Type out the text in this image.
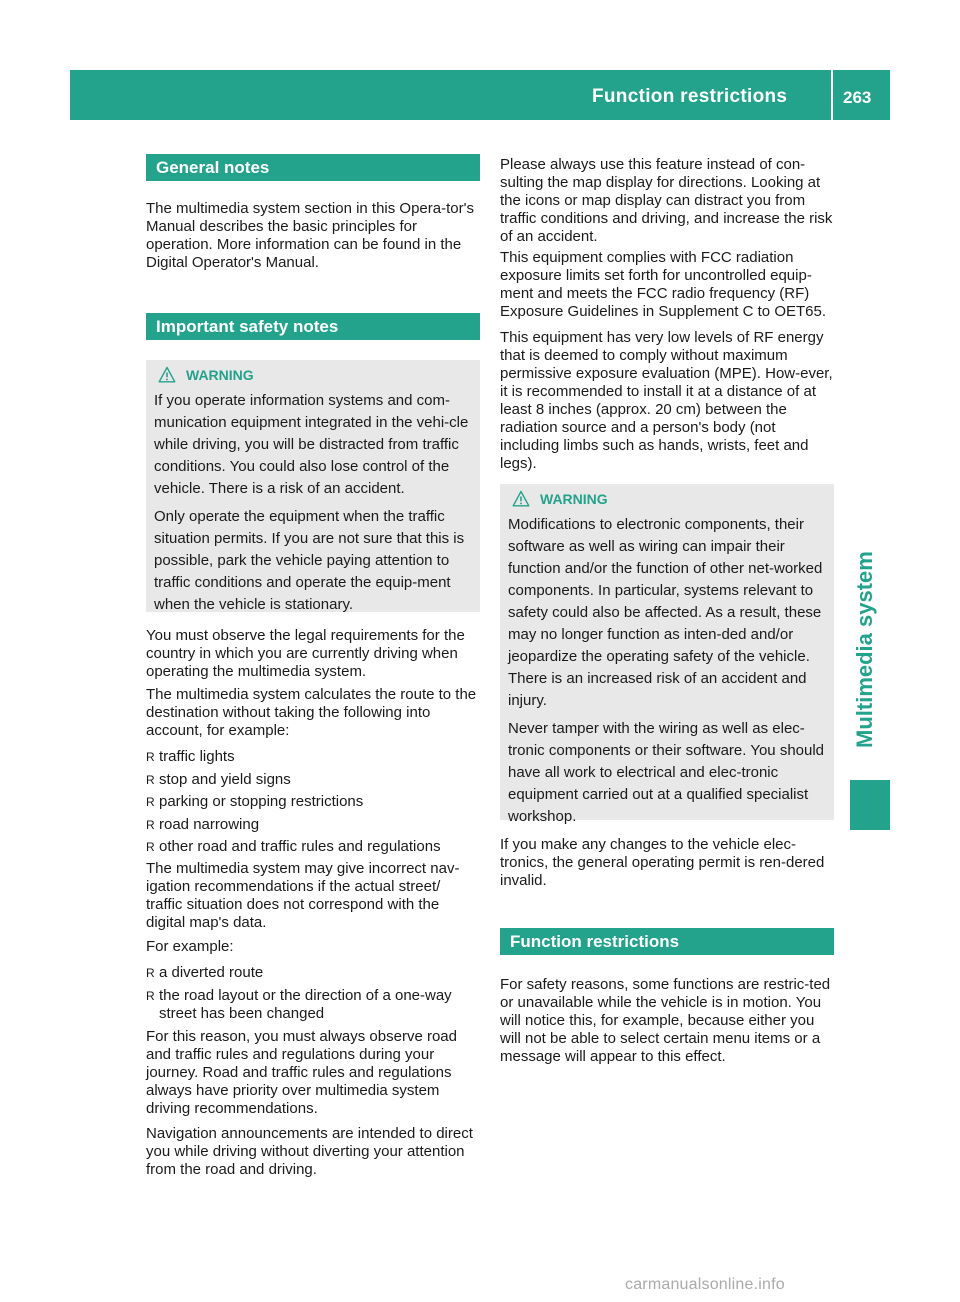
Function restrictions	263
Multimedia system
General notes
The multimedia system section in this Opera-tor's Manual describes the basic principles for operation. More information can be found in the Digital Operator's Manual.
Important safety notes
WARNING
If you operate information systems and com-munication equipment integrated in the vehi-cle while driving, you will be distracted from traffic conditions. You could also lose control of the vehicle. There is a risk of an accident.
Only operate the equipment when the traffic situation permits. If you are not sure that this is possible, park the vehicle paying attention to traffic conditions and operate the equip-ment when the vehicle is stationary.
You must observe the legal requirements for the country in which you are currently driving when operating the multimedia system.
The multimedia system calculates the route to the destination without taking the following into account, for example:
R traffic lights
R stop and yield signs
R parking or stopping restrictions
R road narrowing
R other road and traffic rules and regulations
The multimedia system may give incorrect nav-igation recommendations if the actual street/ traffic situation does not correspond with the digital map's data.
For example:
R a diverted route
R the road layout or the direction of a one-way street has been changed
For this reason, you must always observe road and traffic rules and regulations during your journey. Road and traffic rules and regulations always have priority over multimedia system driving recommendations.
Navigation announcements are intended to direct you while driving without diverting your attention from the road and driving.
Please always use this feature instead of con-sulting the map display for directions. Looking at the icons or map display can distract you from traffic conditions and driving, and increase the risk of an accident.
This equipment complies with FCC radiation exposure limits set forth for uncontrolled equip-ment and meets the FCC radio frequency (RF) Exposure Guidelines in Supplement C to OET65.
This equipment has very low levels of RF energy that is deemed to comply without maximum permissive exposure evaluation (MPE). How-ever, it is recommended to install it at a distance of at least 8 inches (approx. 20 cm) between the radiation source and a person's body (not including limbs such as hands, wrists, feet and legs).
WARNING
Modifications to electronic components, their software as well as wiring can impair their function and/or the function of other net-worked components. In particular, systems relevant to safety could also be affected. As a result, these may no longer function as inten-ded and/or jeopardize the operating safety of the vehicle. There is an increased risk of an accident and injury.
Never tamper with the wiring as well as elec-tronic components or their software. You should have all work to electrical and elec-tronic equipment carried out at a qualified specialist workshop.
If you make any changes to the vehicle elec-tronics, the general operating permit is ren-dered invalid.
Function restrictions
For safety reasons, some functions are restric-ted or unavailable while the vehicle is in motion. You will notice this, for example, because either you will not be able to select certain menu items or a message will appear to this effect.
carmanualsonline.info
